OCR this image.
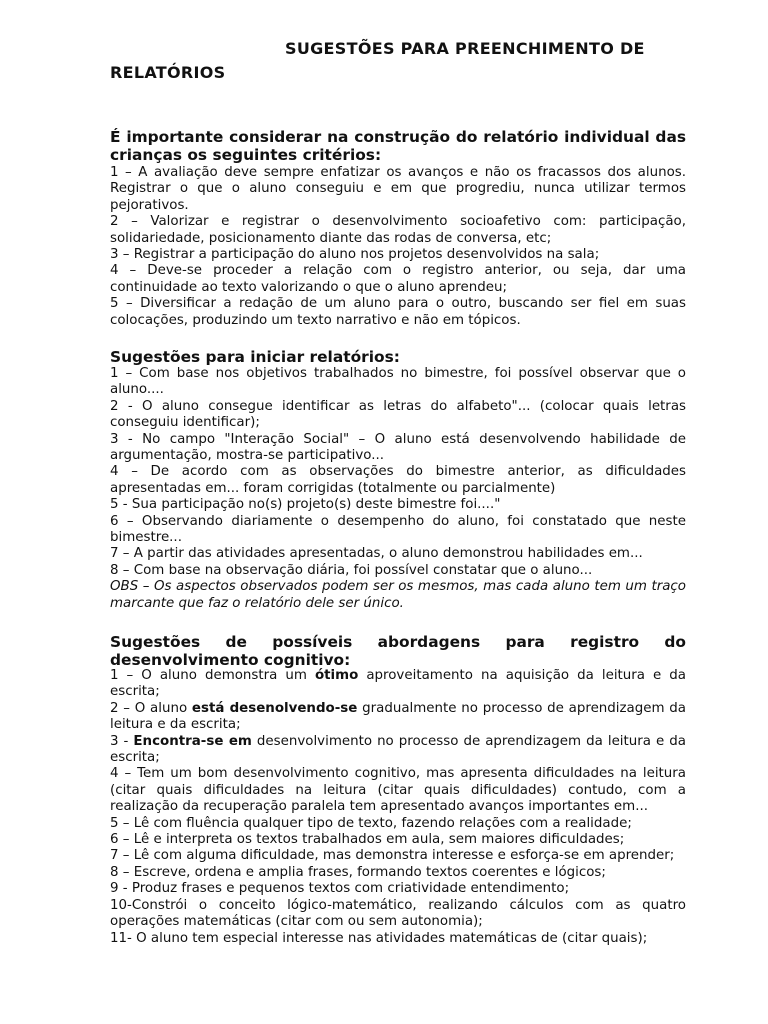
SUGESTÕES PARA PREENCHIMENTO DE
RELATÓRIOS
É importante considerar na construção do relatório individual das crianças os seguintes critérios:
1 – A avaliação deve sempre enfatizar os avanços e não os fracassos dos alunos. Registrar o que o aluno conseguiu e em que progrediu, nunca utilizar termos pejorativos.
2 – Valorizar e registrar o desenvolvimento socioafetivo com: participação, solidariedade, posicionamento diante das rodas de conversa, etc;
3 – Registrar a participação do aluno nos projetos desenvolvidos na sala;
4 – Deve-se proceder a relação com o registro anterior, ou seja, dar uma continuidade ao texto valorizando o que o aluno aprendeu;
5 – Diversificar a redação de um aluno para o outro, buscando ser fiel em suas colocações, produzindo um texto narrativo e não em tópicos.
Sugestões para iniciar relatórios:
1 – Com base nos objetivos trabalhados no bimestre, foi possível observar que o aluno....
2 - O aluno consegue identificar as letras do alfabeto"... (colocar quais letras conseguiu identificar);
3 - No campo "Interação Social" – O aluno está desenvolvendo habilidade de argumentação, mostra-se participativo...
4 – De acordo com as observações do bimestre anterior, as dificuldades apresentadas em... foram corrigidas (totalmente ou parcialmente)
5 - Sua participação no(s) projeto(s) deste bimestre foi...."
6 – Observando diariamente o desempenho do aluno, foi constatado que neste bimestre...
7 – A partir das atividades apresentadas, o aluno demonstrou habilidades em...
8 – Com base na observação diária, foi possível constatar que o aluno...
OBS – Os aspectos observados podem ser os mesmos, mas cada aluno tem um traço marcante que faz o relatório dele ser único.
Sugestões de possíveis abordagens para registro do desenvolvimento cognitivo:
1 – O aluno demonstra um ótimo aproveitamento na aquisição da leitura e da escrita;
2 – O aluno está desenolvendo-se gradualmente no processo de aprendizagem da leitura e da escrita;
3 - Encontra-se em desenvolvimento no processo de aprendizagem da leitura e da escrita;
4 – Tem um bom desenvolvimento cognitivo, mas apresenta dificuldades na leitura (citar quais dificuldades na leitura (citar quais dificuldades) contudo, com a realização da recuperação paralela tem apresentado avanços importantes em...
5 – Lê com fluência qualquer tipo de texto, fazendo relações com a realidade;
6 – Lê e interpreta os textos trabalhados em aula, sem maiores dificuldades;
7 – Lê com alguma dificuldade, mas demonstra interesse e esforça-se em aprender;
8 – Escreve, ordena e amplia frases, formando textos coerentes e lógicos;
9 - Produz frases e pequenos textos com criatividade entendimento;
10-Constrói o conceito lógico-matemático, realizando cálculos com as quatro operações matemáticas (citar com ou sem autonomia);
11- O aluno tem especial interesse nas atividades matemáticas de (citar quais);
